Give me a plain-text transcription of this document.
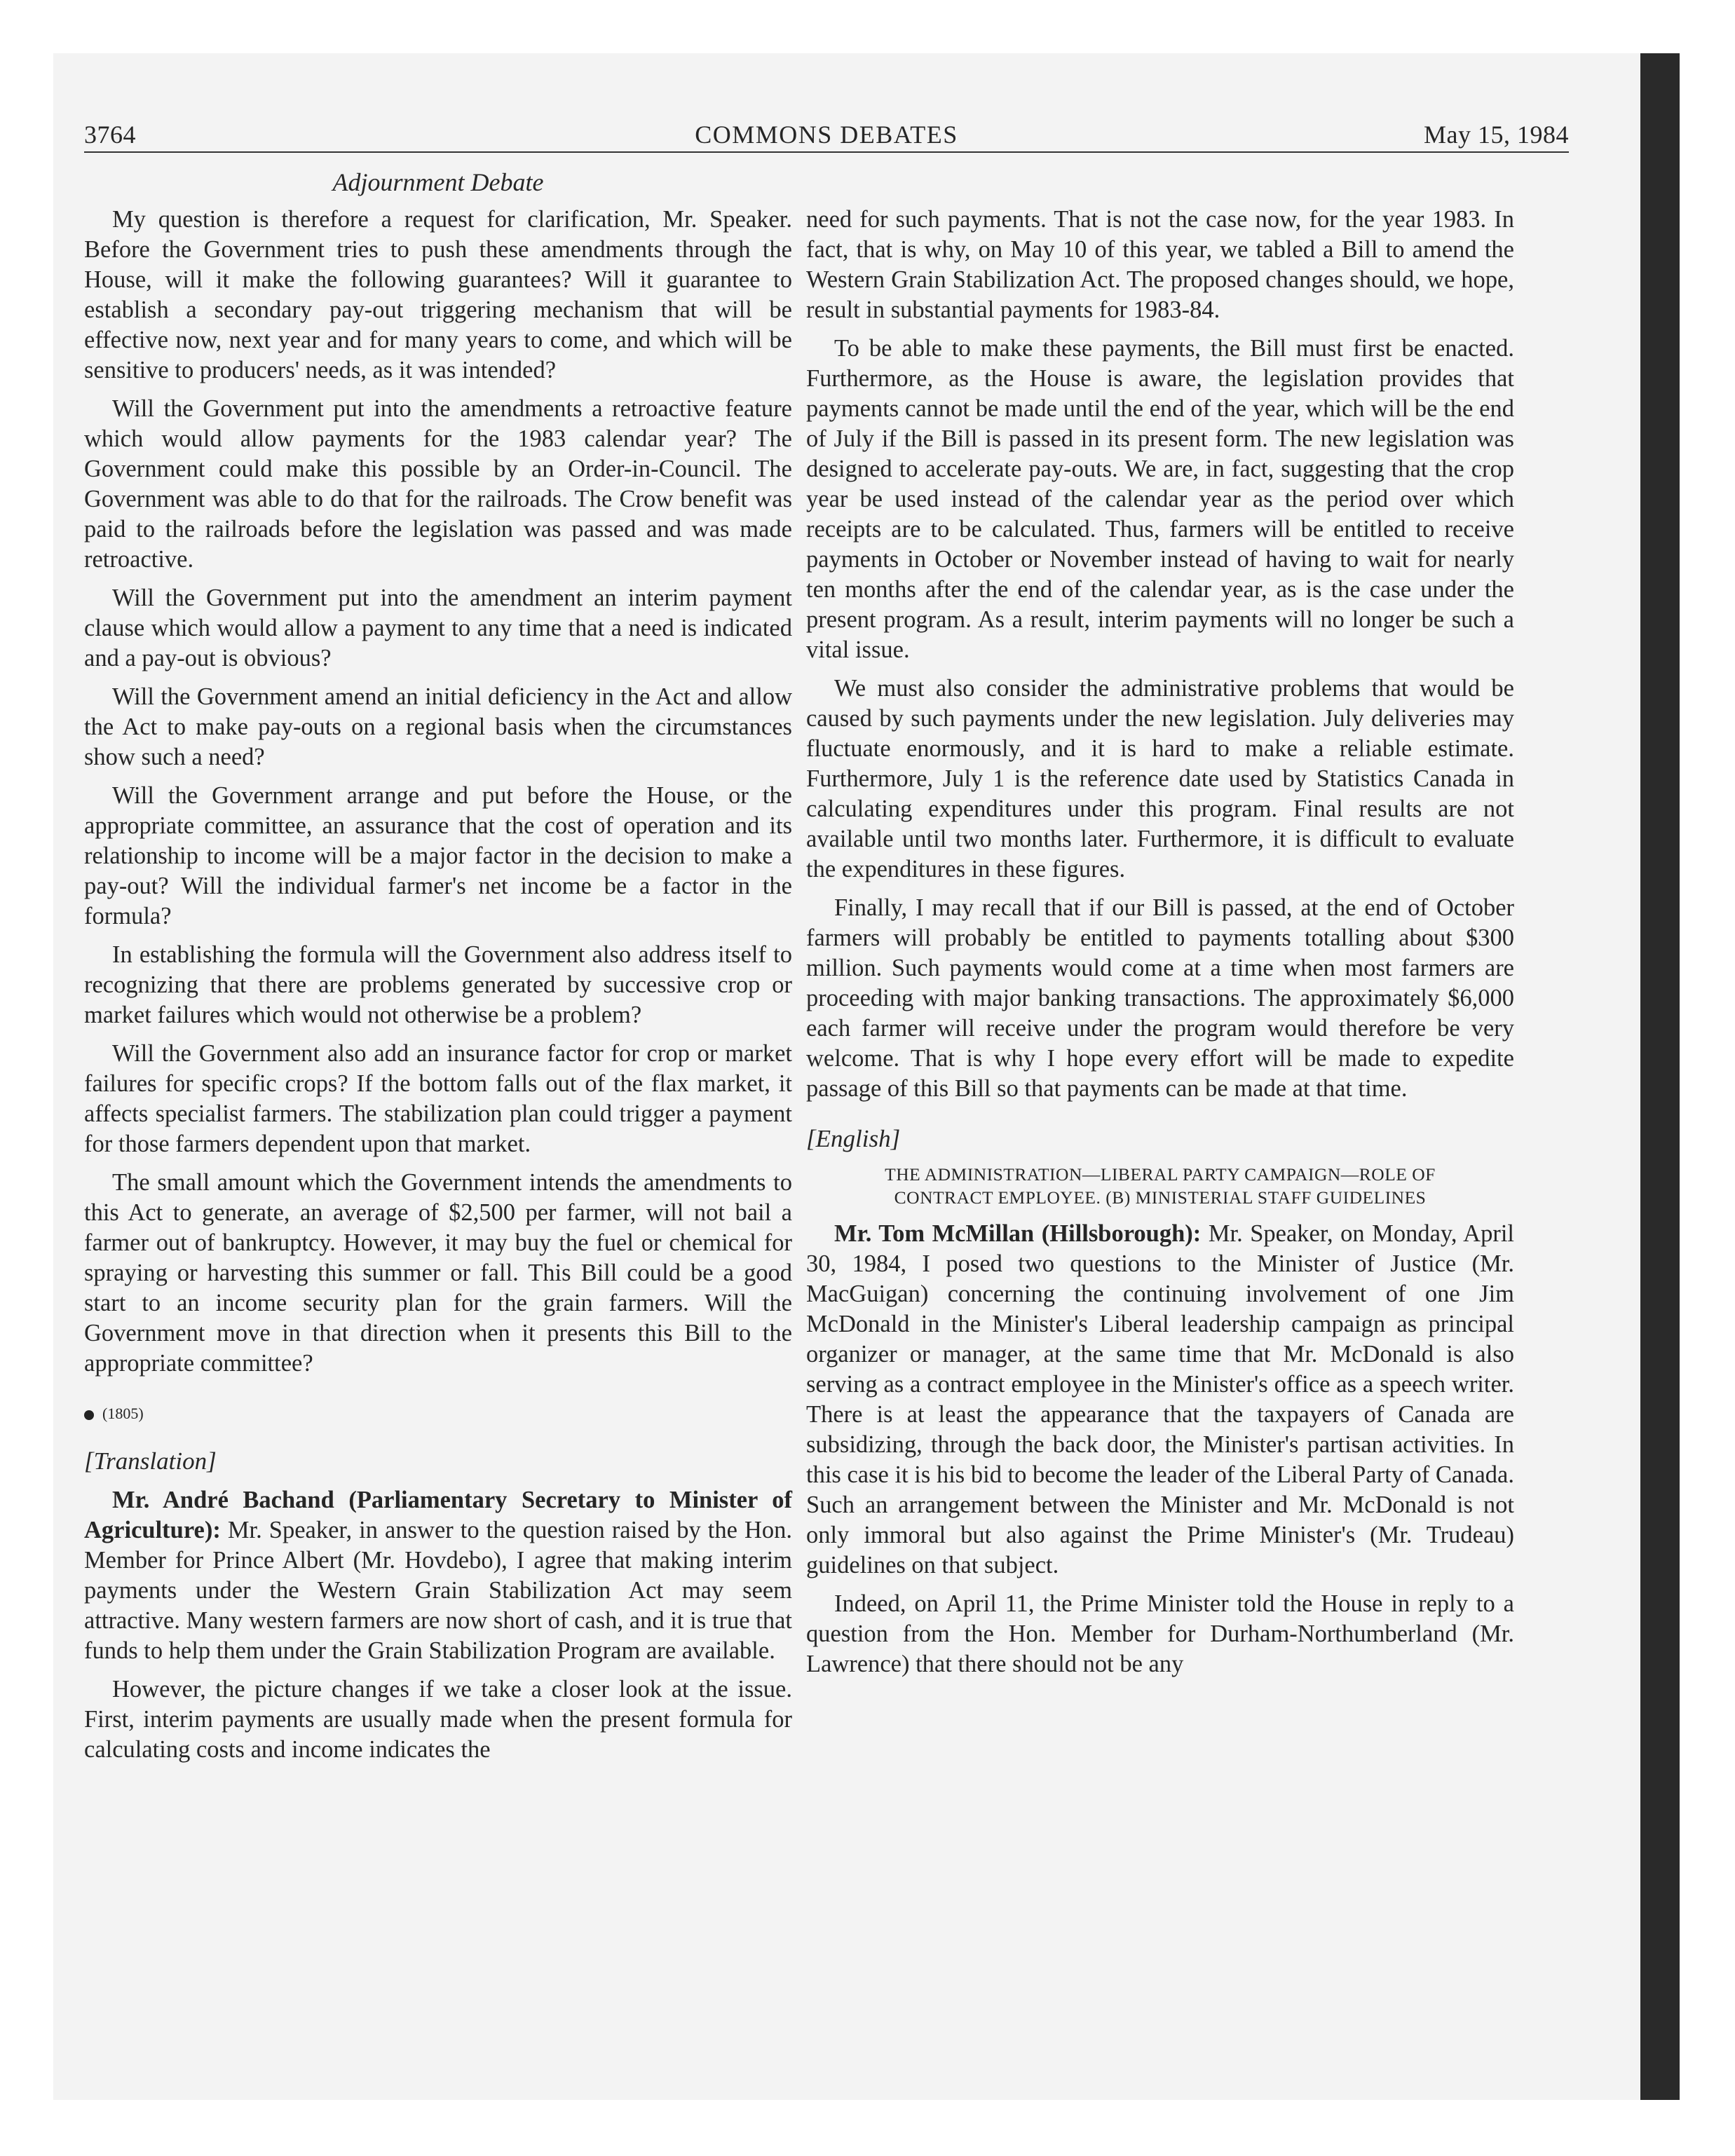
3764	COMMONS DEBATES	May 15, 1984
Adjournment Debate

My question is therefore a request for clarification, Mr. Speaker. Before the Government tries to push these amendments through the House, will it make the following guarantees? Will it guarantee to establish a secondary pay-out triggering mechanism that will be effective now, next year and for many years to come, and which will be sensitive to producers' needs, as it was intended?

Will the Government put into the amendments a retroactive feature which would allow payments for the 1983 calendar year? The Government could make this possible by an Order-in-Council. The Government was able to do that for the railroads. The Crow benefit was paid to the railroads before the legislation was passed and was made retroactive.

Will the Government put into the amendment an interim payment clause which would allow a payment to any time that a need is indicated and a pay-out is obvious?

Will the Government amend an initial deficiency in the Act and allow the Act to make pay-outs on a regional basis when the circumstances show such a need?

Will the Government arrange and put before the House, or the appropriate committee, an assurance that the cost of operation and its relationship to income will be a major factor in the decision to make a pay-out? Will the individual farmer's net income be a factor in the formula?

In establishing the formula will the Government also address itself to recognizing that there are problems generated by successive crop or market failures which would not otherwise be a problem?

Will the Government also add an insurance factor for crop or market failures for specific crops? If the bottom falls out of the flax market, it affects specialist farmers. The stabilization plan could trigger a payment for those farmers dependent upon that market.

The small amount which the Government intends the amendments to this Act to generate, an average of $2,500 per farmer, will not bail a farmer out of bankruptcy. However, it may buy the fuel or chemical for spraying or harvesting this summer or fall. This Bill could be a good start to an income security plan for the grain farmers. Will the Government move in that direction when it presents this Bill to the appropriate committee?

(1805)
[Translation]

Mr. André Bachand (Parliamentary Secretary to Minister of Agriculture): Mr. Speaker, in answer to the question raised by the Hon. Member for Prince Albert (Mr. Hovdebo), I agree that making interim payments under the Western Grain Stabilization Act may seem attractive. Many western farmers are now short of cash, and it is true that funds to help them under the Grain Stabilization Program are available.

However, the picture changes if we take a closer look at the issue. First, interim payments are usually made when the present formula for calculating costs and income indicates the

need for such payments. That is not the case now, for the year 1983. In fact, that is why, on May 10 of this year, we tabled a Bill to amend the Western Grain Stabilization Act. The proposed changes should, we hope, result in substantial payments for 1983-84.

To be able to make these payments, the Bill must first be enacted. Furthermore, as the House is aware, the legislation provides that payments cannot be made until the end of the year, which will be the end of July if the Bill is passed in its present form. The new legislation was designed to accelerate pay-outs. We are, in fact, suggesting that the crop year be used instead of the calendar year as the period over which receipts are to be calculated. Thus, farmers will be entitled to receive payments in October or November instead of having to wait for nearly ten months after the end of the calendar year, as is the case under the present program. As a result, interim payments will no longer be such a vital issue.

We must also consider the administrative problems that would be caused by such payments under the new legislation. July deliveries may fluctuate enormously, and it is hard to make a reliable estimate. Furthermore, July 1 is the reference date used by Statistics Canada in calculating expenditures under this program. Final results are not available until two months later. Furthermore, it is difficult to evaluate the expenditures in these figures.

Finally, I may recall that if our Bill is passed, at the end of October farmers will probably be entitled to payments totalling about $300 million. Such payments would come at a time when most farmers are proceeding with major banking transactions. The approximately $6,000 each farmer will receive under the program would therefore be very welcome. That is why I hope every effort will be made to expedite passage of this Bill so that payments can be made at that time.

[English]
THE ADMINISTRATION—LIBERAL PARTY CAMPAIGN—ROLE OF
CONTRACT EMPLOYEE. (B) MINISTERIAL STAFF GUIDELINES

Mr. Tom McMillan (Hillsborough): Mr. Speaker, on Monday, April 30, 1984, I posed two questions to the Minister of Justice (Mr. MacGuigan) concerning the continuing involvement of one Jim McDonald in the Minister's Liberal leadership campaign as principal organizer or manager, at the same time that Mr. McDonald is also serving as a contract employee in the Minister's office as a speech writer. There is at least the appearance that the taxpayers of Canada are subsidizing, through the back door, the Minister's partisan activities. In this case it is his bid to become the leader of the Liberal Party of Canada. Such an arrangement between the Minister and Mr. McDonald is not only immoral but also against the Prime Minister's (Mr. Trudeau) guidelines on that subject.

Indeed, on April 11, the Prime Minister told the House in reply to a question from the Hon. Member for Durham-Northumberland (Mr. Lawrence) that there should not be any
